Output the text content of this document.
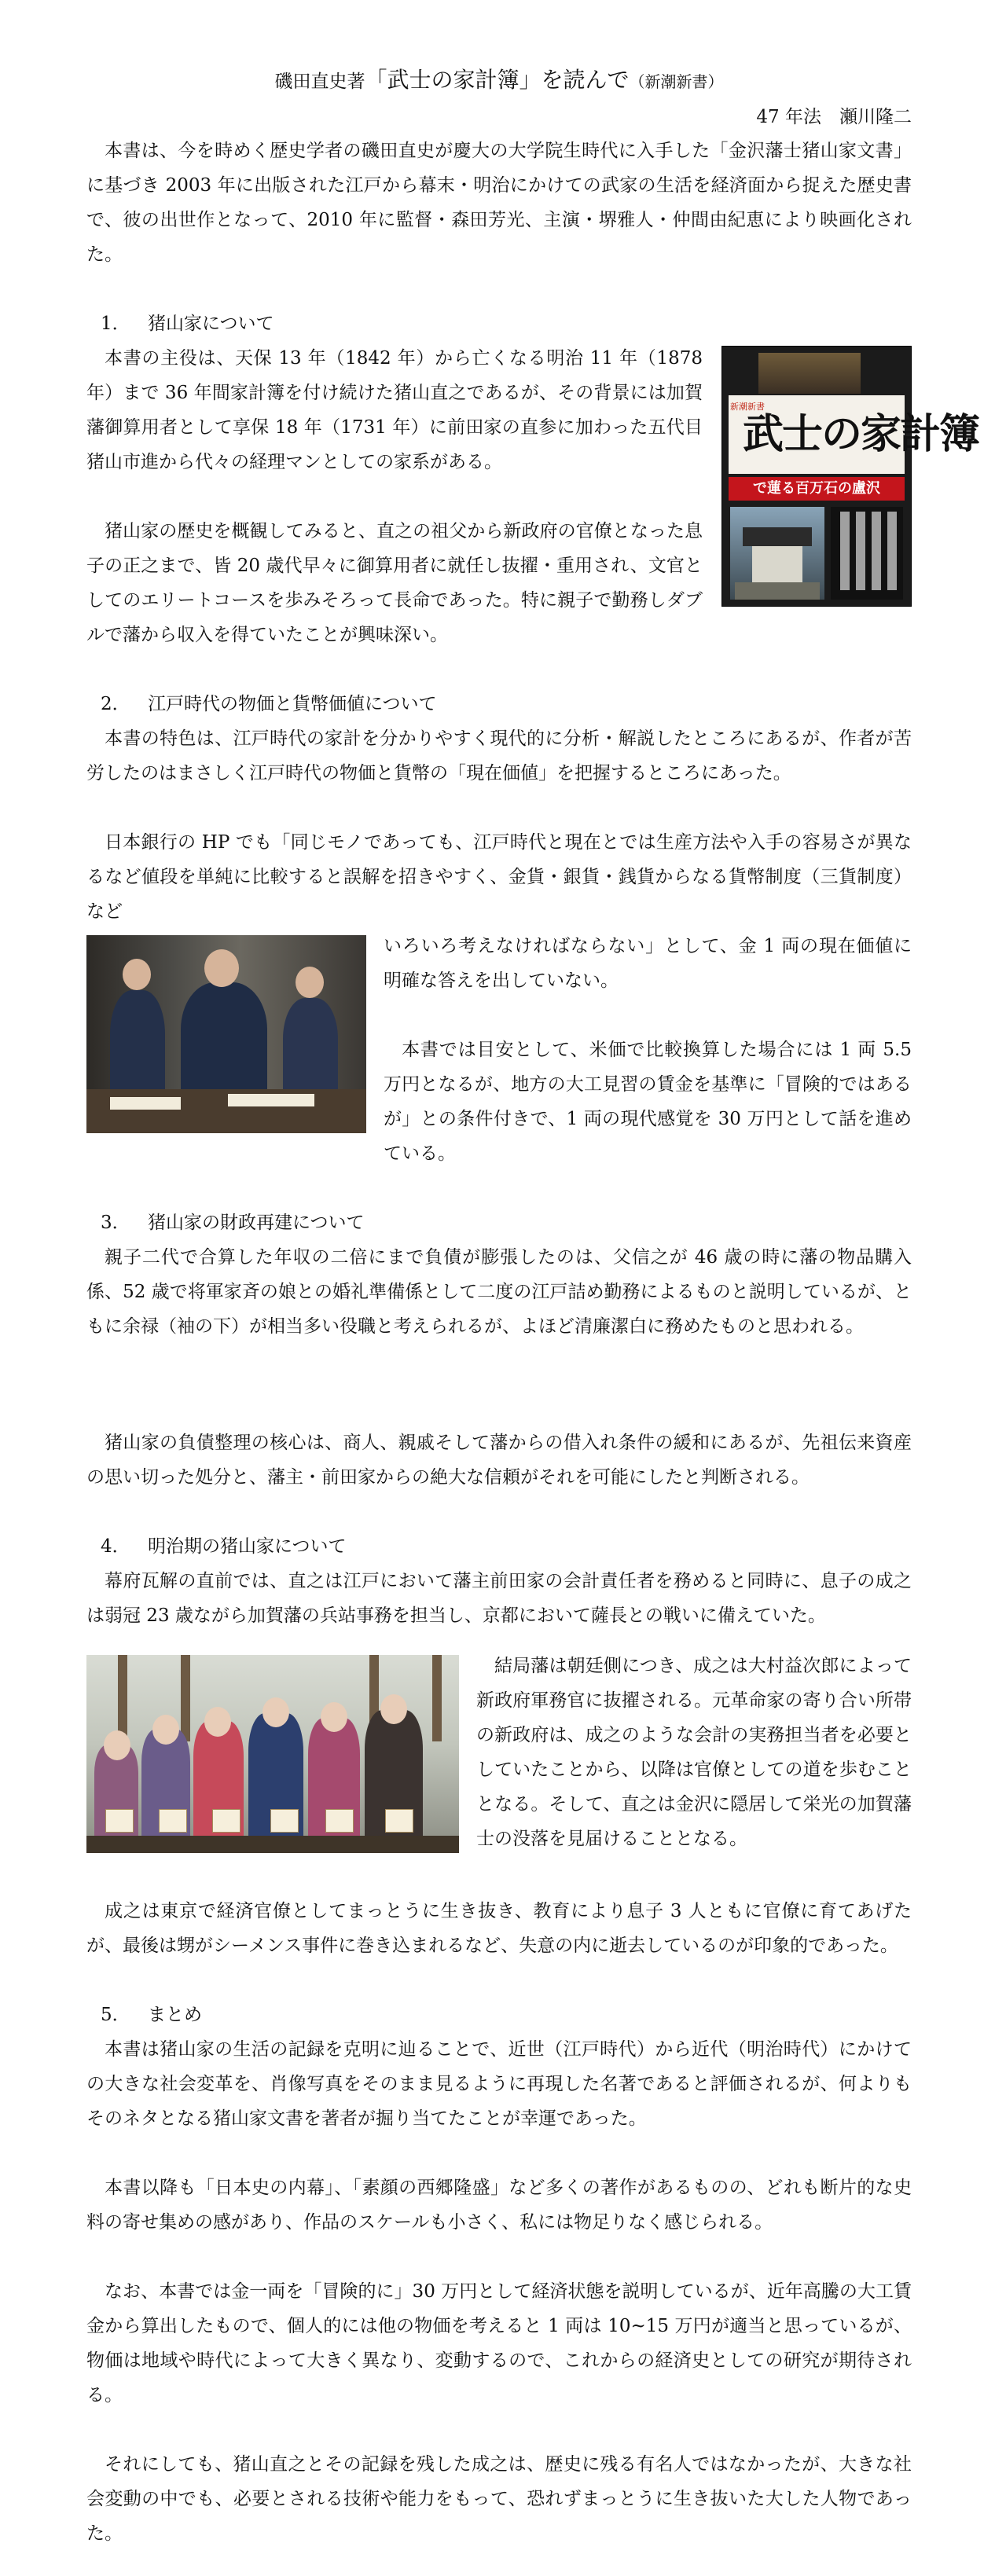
磯田直史著「武士の家計簿」を読んで（新潮新書）
47 年法　瀬川隆二

本書は、今を時めく歴史学者の磯田直史が慶大の大学院生時代に入手した「金沢藩士猪山家文書」に基づき 2003 年に出版された江戸から幕末・明治にかけての武家の生活を経済面から捉えた歴史書で、彼の出世作となって、2010 年に監督・森田芳光、主演・堺雅人・仲間由紀恵により映画化された。

1． 猪山家について
新潮新書
武士の家計簿
で蓮る百万石の盧沢

本書の主役は、天保 13 年（1842 年）から亡くなる明治 11 年（1878 年）まで 36 年間家計簿を付け続けた猪山直之であるが、その背景には加賀藩御算用者として享保 18 年（1731 年）に前田家の直参に加わった五代目猪山市進から代々の経理マンとしての家系がある。

猪山家の歴史を概観してみると、直之の祖父から新政府の官僚となった息子の正之まで、皆 20 歳代早々に御算用者に就任し抜擢・重用され、文官としてのエリートコースを歩みそろって長命であった。特に親子で勤務しダブルで藩から収入を得ていたことが興味深い。

2． 江戸時代の物価と貨幣価値について

本書の特色は、江戸時代の家計を分かりやすく現代的に分析・解説したところにあるが、作者が苦労したのはまさしく江戸時代の物価と貨幣の「現在価値」を把握するところにあった。

日本銀行の HP でも「同じモノであっても、江戸時代と現在とでは生産方法や入手の容易さが異なるなど値段を単純に比較すると誤解を招きやすく、金貨・銀貨・銭貨からなる貨幣制度（三貨制度）など

いろいろ考えなければならない」として、金 1 両の現在価値に明確な答えを出していない。

本書では目安として、米価で比較換算した場合には 1 両 5.5 万円となるが、地方の大工見習の賃金を基準に「冒険的ではあるが」との条件付きで、1 両の現代感覚を 30 万円として話を進めている。

3． 猪山家の財政再建について

親子二代で合算した年収の二倍にまで負債が膨張したのは、父信之が 46 歳の時に藩の物品購入係、52 歳で将軍家斉の娘との婚礼準備係として二度の江戸詰め勤務によるものと説明しているが、ともに余禄（袖の下）が相当多い役職と考えられるが、よほど清廉潔白に務めたものと思われる。

猪山家の負債整理の核心は、商人、親戚そして藩からの借入れ条件の緩和にあるが、先祖伝来資産の思い切った処分と、藩主・前田家からの絶大な信頼がそれを可能にしたと判断される。

4． 明治期の猪山家について

幕府瓦解の直前では、直之は江戸において藩主前田家の会計責任者を務めると同時に、息子の成之は弱冠 23 歳ながら加賀藩の兵站事務を担当し、京都において薩長との戦いに備えていた。

結局藩は朝廷側につき、成之は大村益次郎によって新政府軍務官に抜擢される。元革命家の寄り合い所帯の新政府は、成之のような会計の実務担当者を必要としていたことから、以降は官僚としての道を歩むこととなる。そして、直之は金沢に隠居して栄光の加賀藩士の没落を見届けることとなる。

成之は東京で経済官僚としてまっとうに生き抜き、教育により息子 3 人ともに官僚に育てあげたが、最後は甥がシーメンス事件に巻き込まれるなど、失意の内に逝去しているのが印象的であった。

5． まとめ

本書は猪山家の生活の記録を克明に辿ることで、近世（江戸時代）から近代（明治時代）にかけての大きな社会変革を、肖像写真をそのまま見るように再現した名著であると評価されるが、何よりもそのネタとなる猪山家文書を著者が掘り当てたことが幸運であった。

本書以降も「日本史の内幕」、「素顔の西郷隆盛」など多くの著作があるものの、どれも断片的な史料の寄せ集めの感があり、作品のスケールも小さく、私には物足りなく感じられる。

なお、本書では金一両を「冒険的に」30 万円として経済状態を説明しているが、近年高騰の大工賃金から算出したもので、個人的には他の物価を考えると 1 両は 10~15 万円が適当と思っているが、物価は地域や時代によって大きく異なり、変動するので、これからの経済史としての研究が期待される。

それにしても、猪山直之とその記録を残した成之は、歴史に残る有名人ではなかったが、大きな社会変動の中でも、必要とされる技術や能力をもって、恐れずまっとうに生き抜いた大した人物であった。
